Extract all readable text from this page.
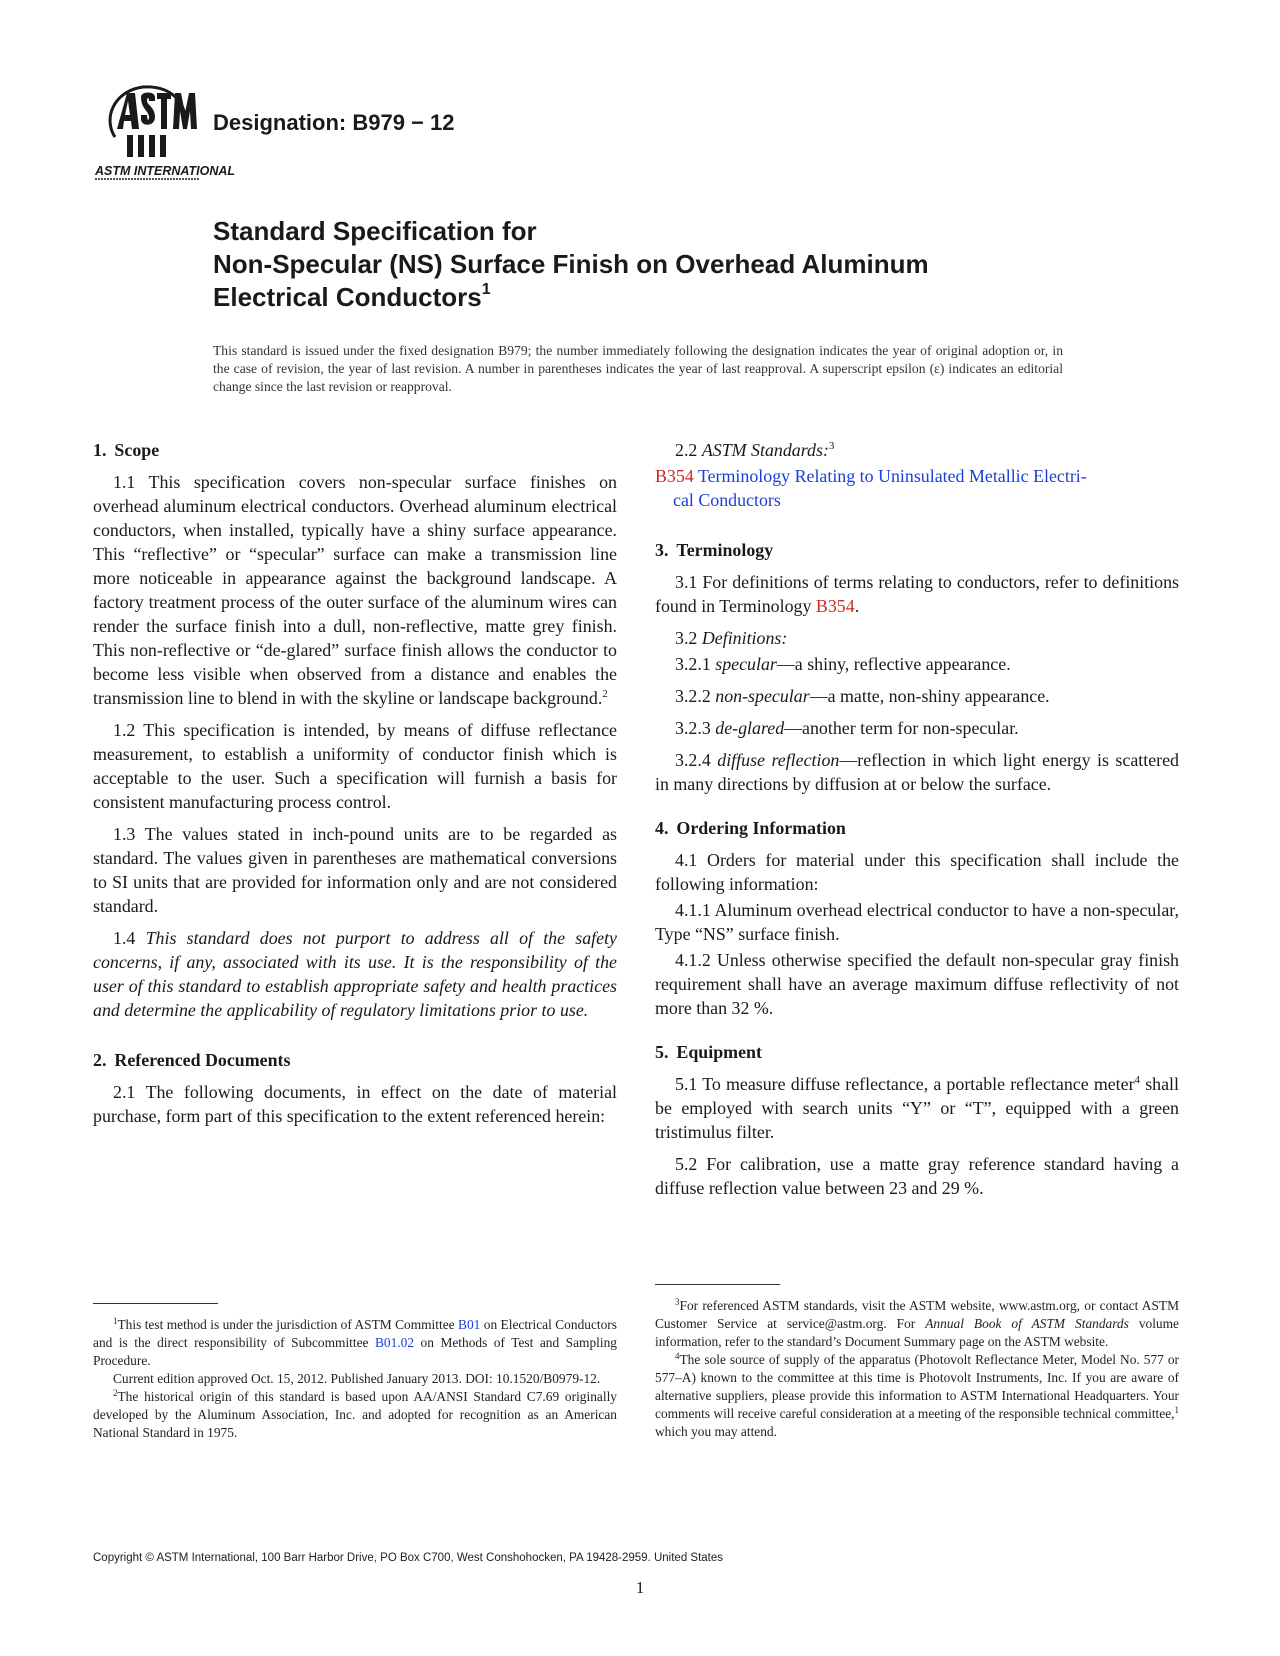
ASTM INTERNATIONAL
Designation: B979 − 12
Standard Specification for
Non-Specular (NS) Surface Finish on Overhead Aluminum
Electrical Conductors$^1$
This standard is issued under the fixed designation B979; the number immediately following the designation indicates the year of original adoption or, in the case of revision, the year of last revision. A number in parentheses indicates the year of last reapproval. A superscript epsilon (ε) indicates an editorial change since the last revision or reapproval.
1. Scope

1.1 This specification covers non-specular surface finishes on overhead aluminum electrical conductors. Overhead aluminum electrical conductors, when installed, typically have a shiny surface appearance. This “reflective” or “specular” surface can make a transmission line more noticeable in appearance against the background landscape. A factory treatment process of the outer surface of the aluminum wires can render the surface finish into a dull, non-reflective, matte grey finish. This non-reflective or “de-glared” surface finish allows the conductor to become less visible when observed from a distance and enables the transmission line to blend in with the skyline or landscape background.$^2$

1.2 This specification is intended, by means of diffuse reflectance measurement, to establish a uniformity of conductor finish which is acceptable to the user. Such a specification will furnish a basis for consistent manufacturing process control.

1.3 The values stated in inch-pound units are to be regarded as standard. The values given in parentheses are mathematical conversions to SI units that are provided for information only and are not considered standard.

1.4 This standard does not purport to address all of the safety concerns, if any, associated with its use. It is the responsibility of the user of this standard to establish appropriate safety and health practices and determine the applicability of regulatory limitations prior to use.

2. Referenced Documents

2.1 The following documents, in effect on the date of material purchase, form part of this specification to the extent referenced herein:

2.2 ASTM Standards:$^3$

B354 Terminology Relating to Uninsulated Metallic Electri-
cal Conductors
3. Terminology

3.1 For definitions of terms relating to conductors, refer to definitions found in Terminology B354.

3.2 Definitions:

3.2.1 specular—a shiny, reflective appearance.

3.2.2 non-specular—a matte, non-shiny appearance.

3.2.3 de-glared—another term for non-specular.

3.2.4 diffuse reflection—reflection in which light energy is scattered in many directions by diffusion at or below the surface.

4. Ordering Information

4.1 Orders for material under this specification shall include the following information:

4.1.1 Aluminum overhead electrical conductor to have a non-specular, Type “NS” surface finish.

4.1.2 Unless otherwise specified the default non-specular gray finish requirement shall have an average maximum diffuse reflectivity of not more than 32 %.

5. Equipment

5.1 To measure diffuse reflectance, a portable reflectance meter$^4$ shall be employed with search units “Y” or “T”, equipped with a green tristimulus filter.

5.2 For calibration, use a matte gray reference standard having a diffuse reflection value between 23 and 29 %.

$^1$This test method is under the jurisdiction of ASTM Committee B01 on Electrical Conductors and is the direct responsibility of Subcommittee B01.02 on Methods of Test and Sampling Procedure.

Current edition approved Oct. 15, 2012. Published January 2013. DOI: 10.1520/B0979-12.

$^2$The historical origin of this standard is based upon AA/ANSI Standard C7.69 originally developed by the Aluminum Association, Inc. and adopted for recognition as an American National Standard in 1975.

$^3$For referenced ASTM standards, visit the ASTM website, www.astm.org, or contact ASTM Customer Service at service@astm.org. For Annual Book of ASTM Standards volume information, refer to the standard’s Document Summary page on the ASTM website.

$^4$The sole source of supply of the apparatus (Photovolt Reflectance Meter, Model No. 577 or 577–A) known to the committee at this time is Photovolt Instruments, Inc. If you are aware of alternative suppliers, please provide this information to ASTM International Headquarters. Your comments will receive careful consideration at a meeting of the responsible technical committee,$^1$ which you may attend.

Copyright © ASTM International, 100 Barr Harbor Drive, PO Box C700, West Conshohocken, PA 19428-2959. United States
1
